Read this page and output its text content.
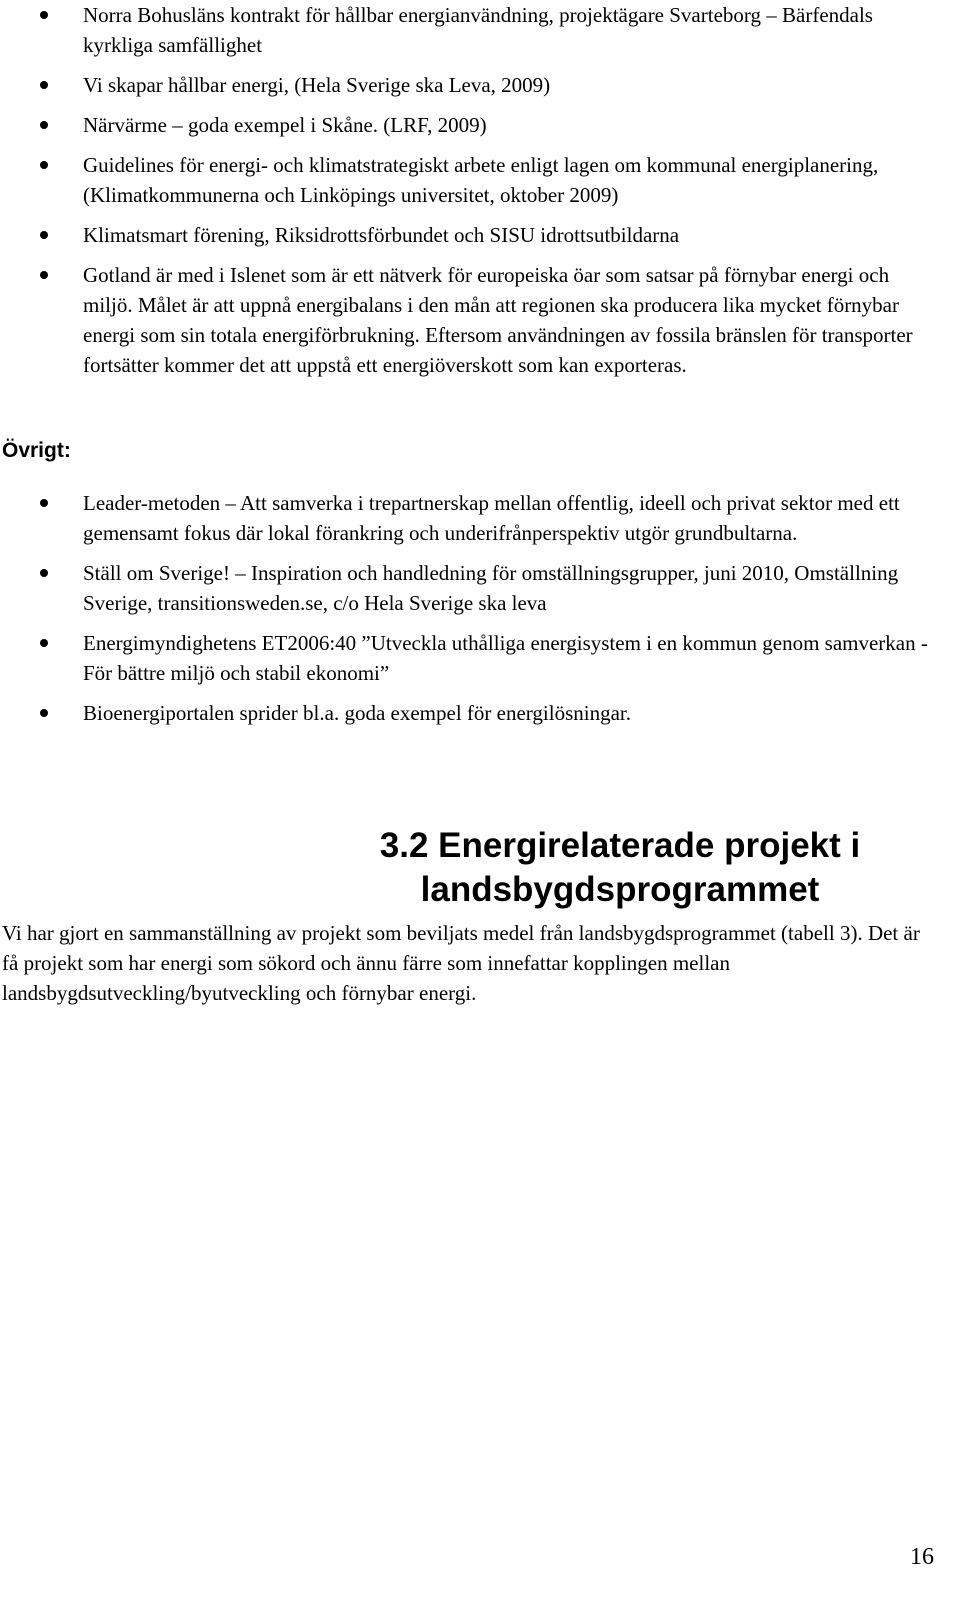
Norra Bohusläns kontrakt för hållbar energianvändning, projektägare Svarteborg – Bärfendals kyrkliga samfällighet
Vi skapar hållbar energi, (Hela Sverige ska Leva, 2009)
Närvärme – goda exempel i Skåne. (LRF, 2009)
Guidelines för energi- och klimatstrategiskt arbete enligt lagen om kommunal energiplanering, (Klimatkommunerna och Linköpings universitet, oktober 2009)
Klimatsmart förening, Riksidrottsförbundet och SISU idrottsutbildarna
Gotland är med i Islenet som är ett nätverk för europeiska öar som satsar på förnybar energi och miljö. Målet är att uppnå energibalans i den mån att regionen ska producera lika mycket förnybar energi som sin totala energiförbrukning. Eftersom användningen av fossila bränslen för transporter fortsätter kommer det att uppstå ett energiöverskott som kan exporteras.
Övrigt:
Leader-metoden – Att samverka i trepartnerskap mellan offentlig, ideell och privat sektor med ett gemensamt fokus där lokal förankring och underifrånperspektiv utgör grundbultarna.
Ställ om Sverige! – Inspiration och handledning för omställningsgrupper, juni 2010, Omställning Sverige, transitionsweden.se, c/o Hela Sverige ska leva
Energimyndighetens ET2006:40 ”Utveckla uthålliga energisystem i en kommun genom samverkan - För bättre miljö och stabil ekonomi”
Bioenergiportalen sprider bl.a. goda exempel för energilösningar.
3.2 Energirelaterade projekt i landsbygdsprogrammet

Vi har gjort en sammanställning av projekt som beviljats medel från landsbygdsprogrammet (tabell 3). Det är få projekt som har energi som sökord och ännu färre som innefattar kopplingen mellan landsbygdsutveckling/byutveckling och förnybar energi.

16
